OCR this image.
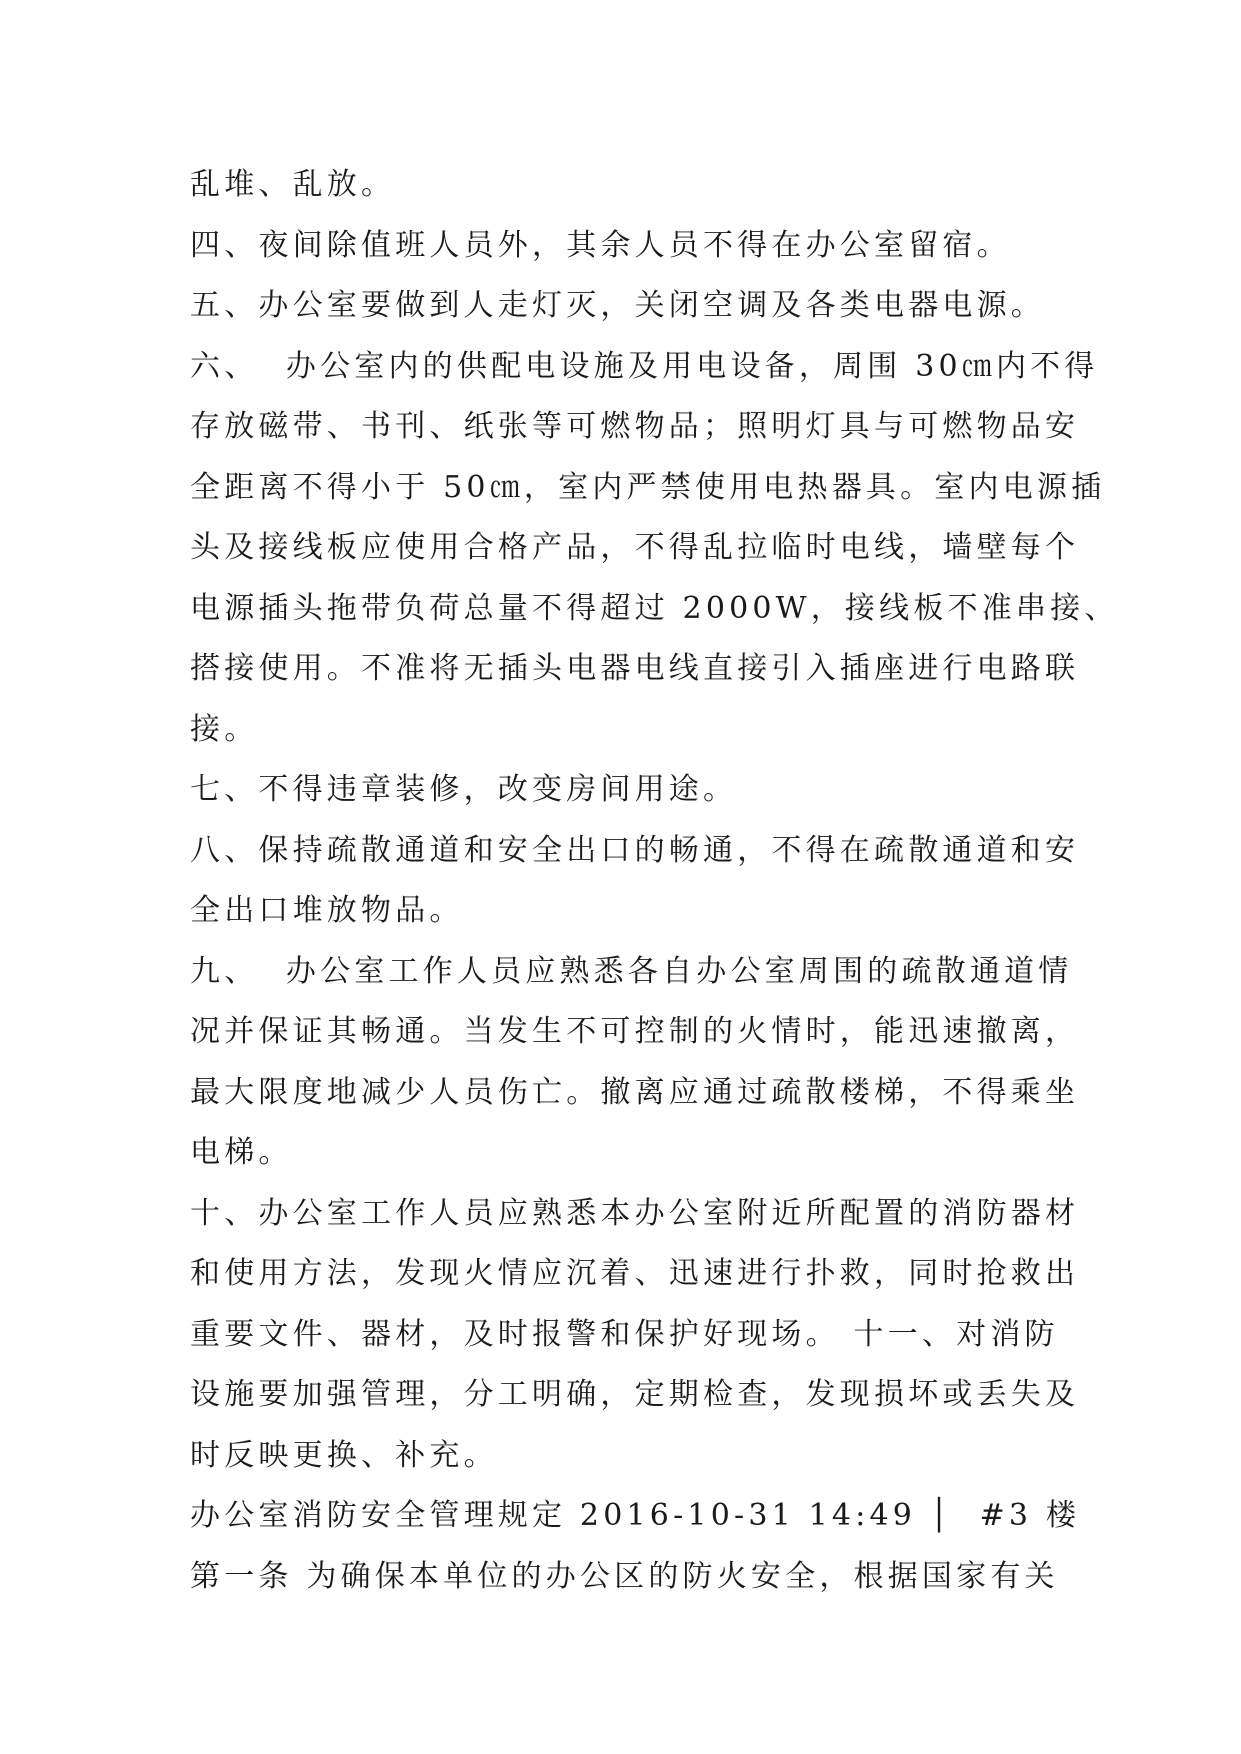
乱堆、乱放。

四、夜间除值班人员外，其余人员不得在办公室留宿。

五、办公室要做到人走灯灭，关闭空调及各类电器电源。

六、  办公室内的供配电设施及用电设备，周围 30㎝内不得

存放磁带、书刊、纸张等可燃物品；照明灯具与可燃物品安

全距离不得小于 50㎝，室内严禁使用电热器具。室内电源插

头及接线板应使用合格产品，不得乱拉临时电线，墙壁每个

电源插头拖带负荷总量不得超过 2000W，接线板不准串接、

搭接使用。不准将无插头电器电线直接引入插座进行电路联

接。

七、不得违章装修，改变房间用途。

八、保持疏散通道和安全出口的畅通，不得在疏散通道和安

全出口堆放物品。

九、  办公室工作人员应熟悉各自办公室周围的疏散通道情

况并保证其畅通。当发生不可控制的火情时，能迅速撤离，

最大限度地减少人员伤亡。撤离应通过疏散楼梯，不得乘坐

电梯。

十、办公室工作人员应熟悉本办公室附近所配置的消防器材

和使用方法，发现火情应沉着、迅速进行扑救，同时抢救出

重要文件、器材，及时报警和保护好现场。 十一、对消防

设施要加强管理，分工明确，定期检查，发现损坏或丢失及

时反映更换、补充。

办公室消防安全管理规定 2016-10-31 14:49 │  #3 楼

第一条 为确保本单位的办公区的防火安全，根据国家有关
